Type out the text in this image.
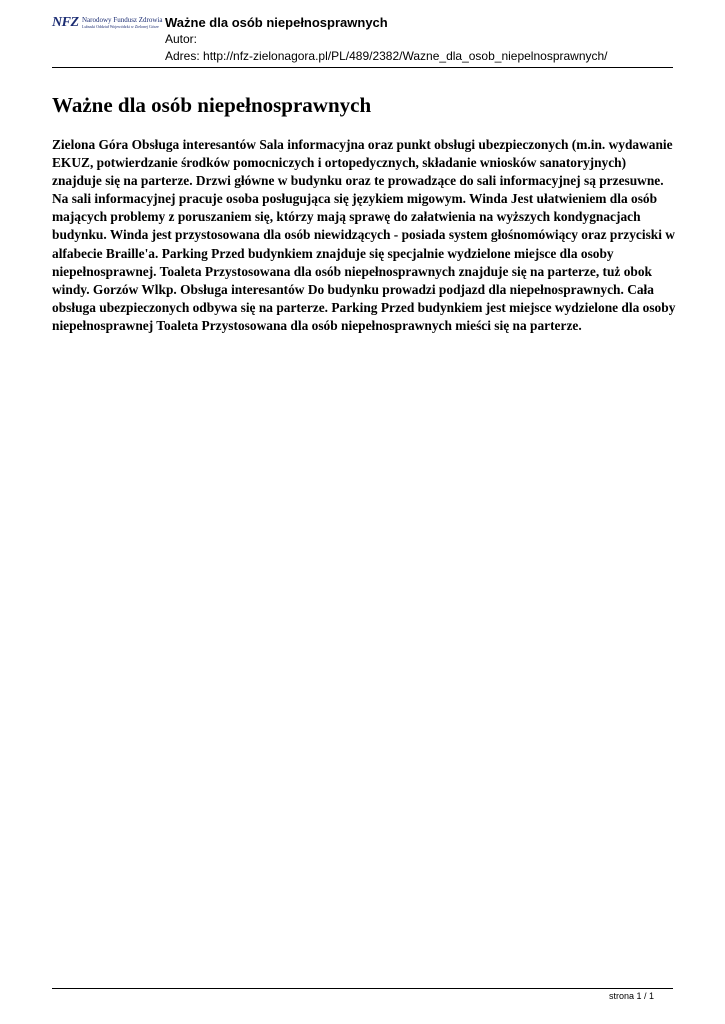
NFZ Narodowy Fundusz Zdrowia
Lubuski Oddział Wojewódzki w Zielonej Górze Ważne dla osób niepełnosprawnych
Autor:
Adres: http://nfz-zielonagora.pl/PL/489/2382/Wazne_dla_osob_niepelnosprawnych/
Ważne dla osób niepełnosprawnych

Zielona Góra Obsługa interesantów Sala informacyjna oraz punkt obsługi ubezpieczonych (m.in. wydawanie EKUZ, potwierdzanie środków pomocniczych i ortopedycznych, składanie wniosków sanatoryjnych) znajduje się na parterze. Drzwi główne w budynku oraz te prowadzące do sali informacyjnej są przesuwne. Na sali informacyjnej pracuje osoba posługująca się językiem migowym. Winda Jest ułatwieniem dla osób mających problemy z poruszaniem się, którzy mają sprawę do załatwienia na wyższych kondygnacjach budynku. Winda jest przystosowana dla osób niewidzących - posiada system głośnomówiący oraz przyciski w alfabecie Braille'a. Parking Przed budynkiem znajduje się specjalnie wydzielone miejsce dla osoby niepełnosprawnej. Toaleta Przystosowana dla osób niepełnosprawnych znajduje się na parterze, tuż obok windy. Gorzów Wlkp. Obsługa interesantów Do budynku prowadzi podjazd dla niepełnosprawnych. Cała obsługa ubezpieczonych odbywa się na parterze. Parking Przed budynkiem jest miejsce wydzielone dla osoby niepełnosprawnej Toaleta Przystosowana dla osób niepełnosprawnych mieści się na parterze.

strona 1 / 1
